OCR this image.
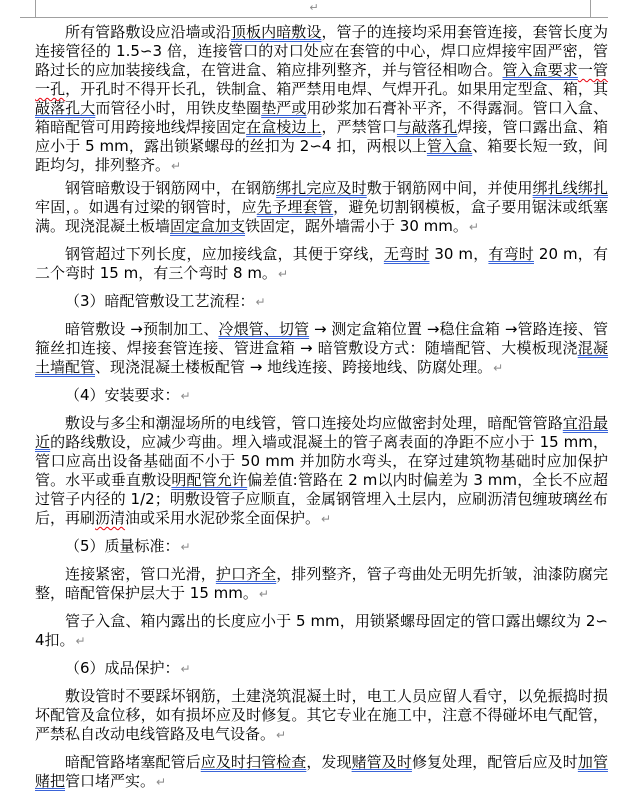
↵

所有管路敷设应沿墙或沿顶板内暗敷设，管子的连接均采用套管连接，套管长度为连接管径的 1.5∽3 倍，连接管口的对口处应在套管的中心，焊口应焊接牢固严密，管路过长的应加装接线盒，在管进盒、箱应排列整齐，并与管径相吻合。管入盒要求一管一孔，开孔时不得开长孔，铁制盒、箱严禁用电焊、气焊开孔。如果用定型盒、箱，其敲落孔大而管径小时，用铁皮垫圈垫严或用砂浆加石膏补平齐，不得露洞。管口入盒、箱暗配管可用跨接地线焊接固定在盒棱边上，严禁管口与敲落孔焊接，管口露出盒、箱应小于 5 mm，露出锁紧螺母的丝扣为 2∽4 扣，两根以上管入盒、箱要长短一致，间距均匀，排列整齐。↵

钢管暗敷设于钢筋网中，在钢筋绑扎完应及时敷于钢筋网中间，并使用绑扎线绑扎牢固，。如遇有过梁的钢管时，应先予埋套管，避免切割钢模板，盒子要用锯沫或纸塞满。现浇混凝土板墙固定盒加支铁固定，踞外墙需小于 30 mm。↵

钢管超过下列长度，应加接线盒，其便于穿线，无弯时 30 m，有弯时 20 m，有二个弯时 15 m，有三个弯时 8 m。↵

（3）暗配管敷设工艺流程：↵

暗管敷设 →预制加工、冷煨管、切管 → 测定盒箱位置 →稳住盒箱 →管路连接、管箍丝扣连接、焊接套管连接、管进盒箱 → 暗管敷设方式：随墙配管、大模板现浇混凝土墙配管、现浇混凝土楼板配管 → 地线连接、跨接地线、防腐处理。↵

（4）安装要求：↵

敷设与多尘和潮湿场所的电线管，管口连接处均应做密封处理，暗配管管路宜沿最近的路线敷设，应减少弯曲。埋入墙或混凝土的管子离表面的净距不应小于 15 mm，管口应高出设备基础面不小于 50 mm 并加防水弯头，在穿过建筑物基础时应加保护管。水平或垂直敷设明配管允许偏差值:管路在 2 m以内时偏差为 3 mm，全长不应超过管子内径的 1/2；明敷设管子应顺直，金属钢管埋入土层内，应刷沥清包缠玻璃丝布后，再刷沥清油或采用水泥砂浆全面保护。↵

（5）质量标准：↵

连接紧密，管口光滑，护口齐全，排列整齐，管子弯曲处无明先折皱，油漆防腐完整，暗配管保护层大于 15 mm。↵

管子入盒、箱内露出的长度应小于 5 mm，用锁紧螺母固定的管口露出螺纹为 2∽4扣。↵

（6）成品保护：↵

敷设管时不要踩坏钢筋，土建浇筑混凝土时，电工人员应留人看守，以免振捣时损坏配管及盒位移，如有损坏应及时修复。其它专业在施工中，注意不得碰坏电气配管，严禁私自改动电线管路及电气设备。↵

暗配管路堵塞配管后应及时扫管检查，发现赌管及时修复处理，配管后应及时加管赌把管口堵严实。↵
